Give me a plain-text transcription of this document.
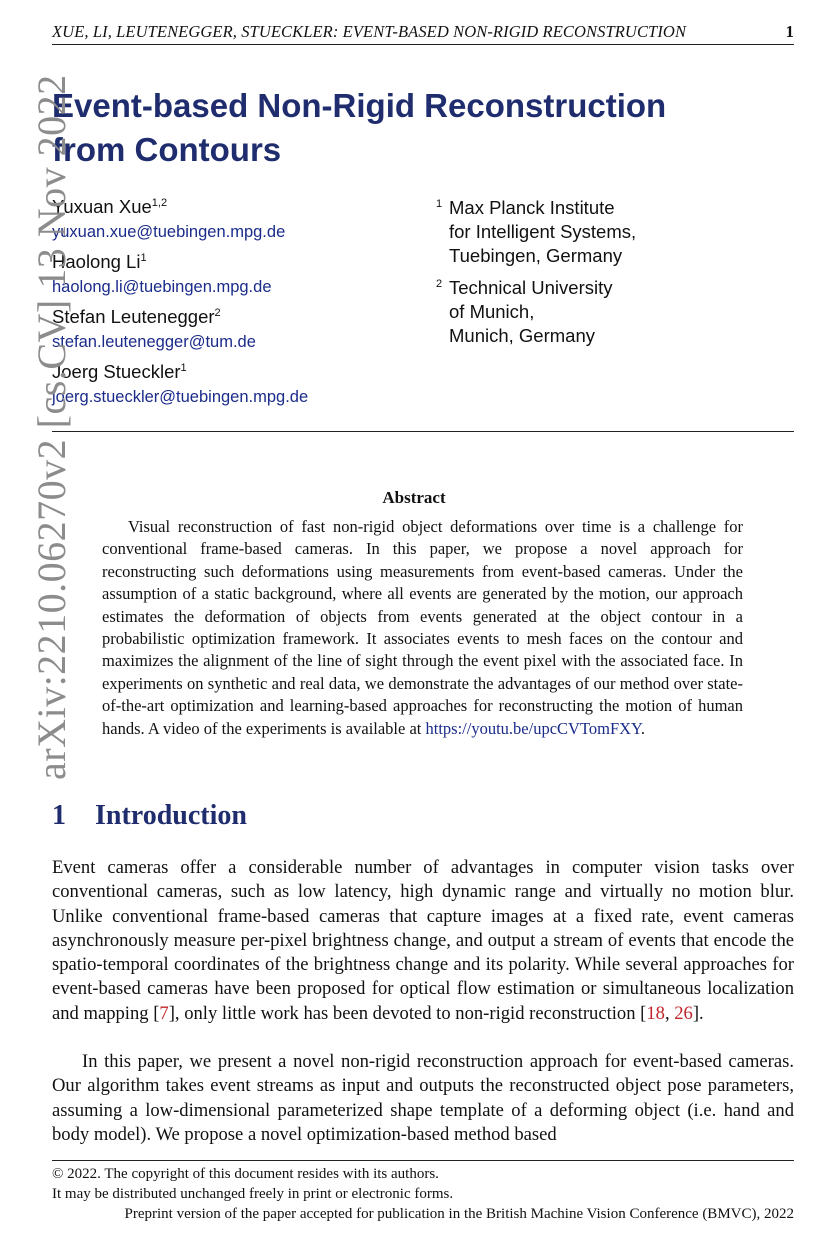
XUE, LI, LEUTENEGGER, STUECKLER: EVENT-BASED NON-RIGID RECONSTRUCTION	1
Event-based Non-Rigid Reconstruction
from Contours
Yuxuan Xue$^{1,2}$
yuxuan.xue@tuebingen.mpg.de
Haolong Li$^1$
haolong.li@tuebingen.mpg.de
Stefan Leutenegger$^2$
stefan.leutenegger@tum.de
Joerg Stueckler$^1$
joerg.stueckler@tuebingen.mpg.de
1 Max Planck Institute
for Intelligent Systems,
Tuebingen, Germany
2 Technical University
of Munich,
Munich, Germany
Abstract
Visual reconstruction of fast non-rigid object deformations over time is a challenge for conventional frame-based cameras. In this paper, we propose a novel approach for reconstructing such deformations using measurements from event-based cameras. Under the assumption of a static background, where all events are generated by the motion, our approach estimates the deformation of objects from events generated at the object contour in a probabilistic optimization framework. It associates events to mesh faces on the contour and maximizes the alignment of the line of sight through the event pixel with the associated face. In experiments on synthetic and real data, we demonstrate the advantages of our method over state-of-the-art optimization and learning-based approaches for reconstructing the motion of human hands. A video of the experiments is available at https://youtu.be/upcCVTomFXY.
1 Introduction
Event cameras offer a considerable number of advantages in computer vision tasks over conventional cameras, such as low latency, high dynamic range and virtually no motion blur. Unlike conventional frame-based cameras that capture images at a fixed rate, event cameras asynchronously measure per-pixel brightness change, and output a stream of events that encode the spatio-temporal coordinates of the brightness change and its polarity. While several approaches for event-based cameras have been proposed for optical flow estimation or simultaneous localization and mapping [7], only little work has been devoted to non-rigid reconstruction [18, 26].
In this paper, we present a novel non-rigid reconstruction approach for event-based cameras. Our algorithm takes event streams as input and outputs the reconstructed object pose parameters, assuming a low-dimensional parameterized shape template of a deforming object (i.e. hand and body model). We propose a novel optimization-based method based
© 2022. The copyright of this document resides with its authors.
It may be distributed unchanged freely in print or electronic forms.
Preprint version of the paper accepted for publication in the British Machine Vision Conference (BMVC), 2022
arXiv:2210.06270v2 [cs.CV] 13 Nov 2022
